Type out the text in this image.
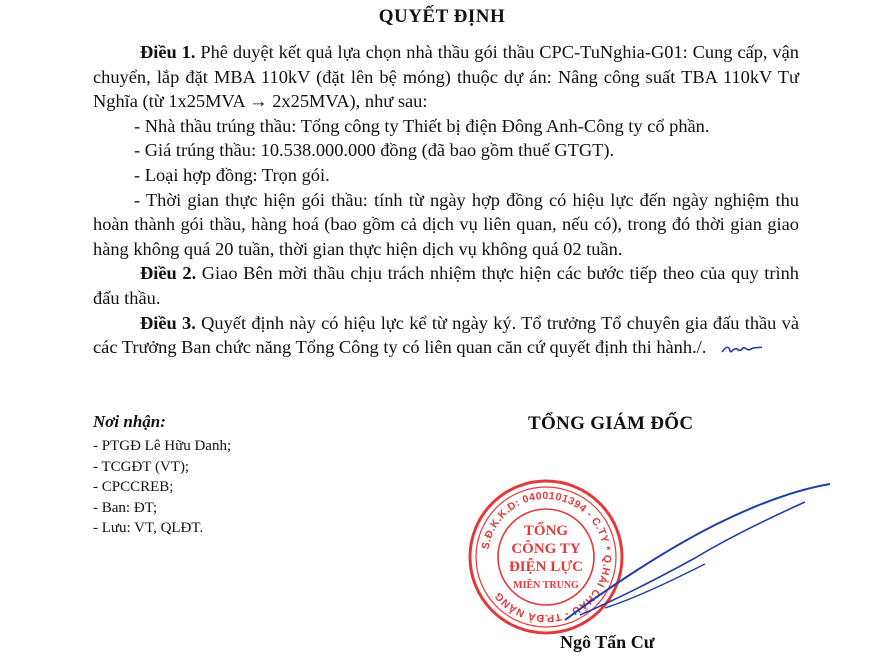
QUYẾT ĐỊNH

Điều 1. Phê duyệt kết quả lựa chọn nhà thầu gói thầu CPC-TuNghia-G01: Cung cấp, vận chuyển, lắp đặt MBA 110kV (đặt lên bệ móng) thuộc dự án: Nâng công suất TBA 110kV Tư Nghĩa (từ 1x25MVA → 2x25MVA), như sau:

- Nhà thầu trúng thầu: Tổng công ty Thiết bị điện Đông Anh-Công ty cổ phần.

- Giá trúng thầu: 10.538.000.000 đồng (đã bao gồm thuế GTGT).

- Loại hợp đồng: Trọn gói.

- Thời gian thực hiện gói thầu: tính từ ngày hợp đồng có hiệu lực đến ngày nghiệm thu hoàn thành gói thầu, hàng hoá (bao gồm cả dịch vụ liên quan, nếu có), trong đó thời gian giao hàng không quá 20 tuần, thời gian thực hiện dịch vụ không quá 02 tuần.

Điều 2. Giao Bên mời thầu chịu trách nhiệm thực hiện các bước tiếp theo của quy trình đấu thầu.

Điều 3. Quyết định này có hiệu lực kể từ ngày ký. Tổ trưởng Tổ chuyên gia đấu thầu và các Trưởng Ban chức năng Tổng Công ty có liên quan căn cứ quyết định thi hành./.

Nơi nhận:
- PTGĐ Lê Hữu Danh;
- TCGĐT (VT);
- CPCCREB;
- Ban: ĐT;
- Lưu: VT, QLĐT.
TỔNG GIÁM ĐỐC
S.Đ.K.K.D: 0400101394 - C.TY * Q.HẢI CHÂU - TP.ĐÀ NẴNG
TỔNG
CÔNG TY
ĐIỆN LỰC
MIỀN TRUNG
Ngô Tấn Cư
